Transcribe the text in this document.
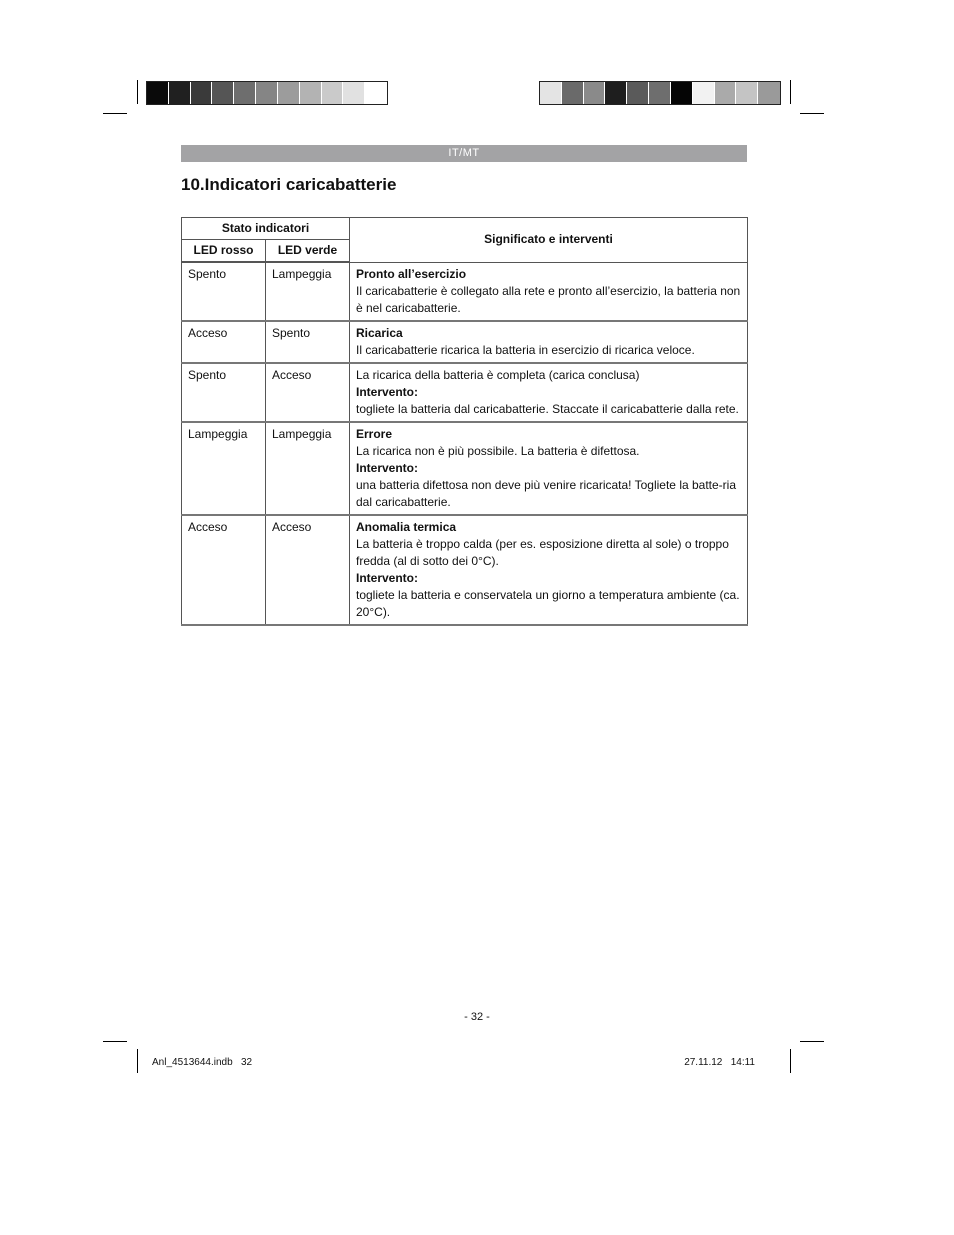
IT/MT
10.Indicatori caricabatterie
Stato indicatori		Significato e interventi
LED rosso	LED verde	
Spento	Lampeggia	Pronto all’esercizio
Il caricabatterie è collegato alla rete e pronto all’esercizio, la batteria non è nel caricabatterie.

Acceso	Spento	Ricarica
Il caricabatterie ricarica la batteria in esercizio di ricarica veloce.

Spento	Acceso	La ricarica della batteria è completa (carica conclusa)
Intervento:
togliete la batteria dal caricabatterie. Staccate il caricabatterie dalla rete.

Lampeggia	Lampeggia	Errore
La ricarica non è più possibile. La batteria è difettosa.
Intervento:
una batteria difettosa non deve più venire ricaricata! Togliete la batte-ria dal caricabatterie.

Acceso	Acceso	Anomalia termica
La batteria è troppo calda (per es. esposizione diretta al sole) o troppo fredda (al di sotto dei 0°C).
Intervento:
togliete la batteria e conservatela un giorno a temperatura ambiente (ca. 20°C).
- 32 -
Anl_4513644.indb   32	27.11.12   14:11
